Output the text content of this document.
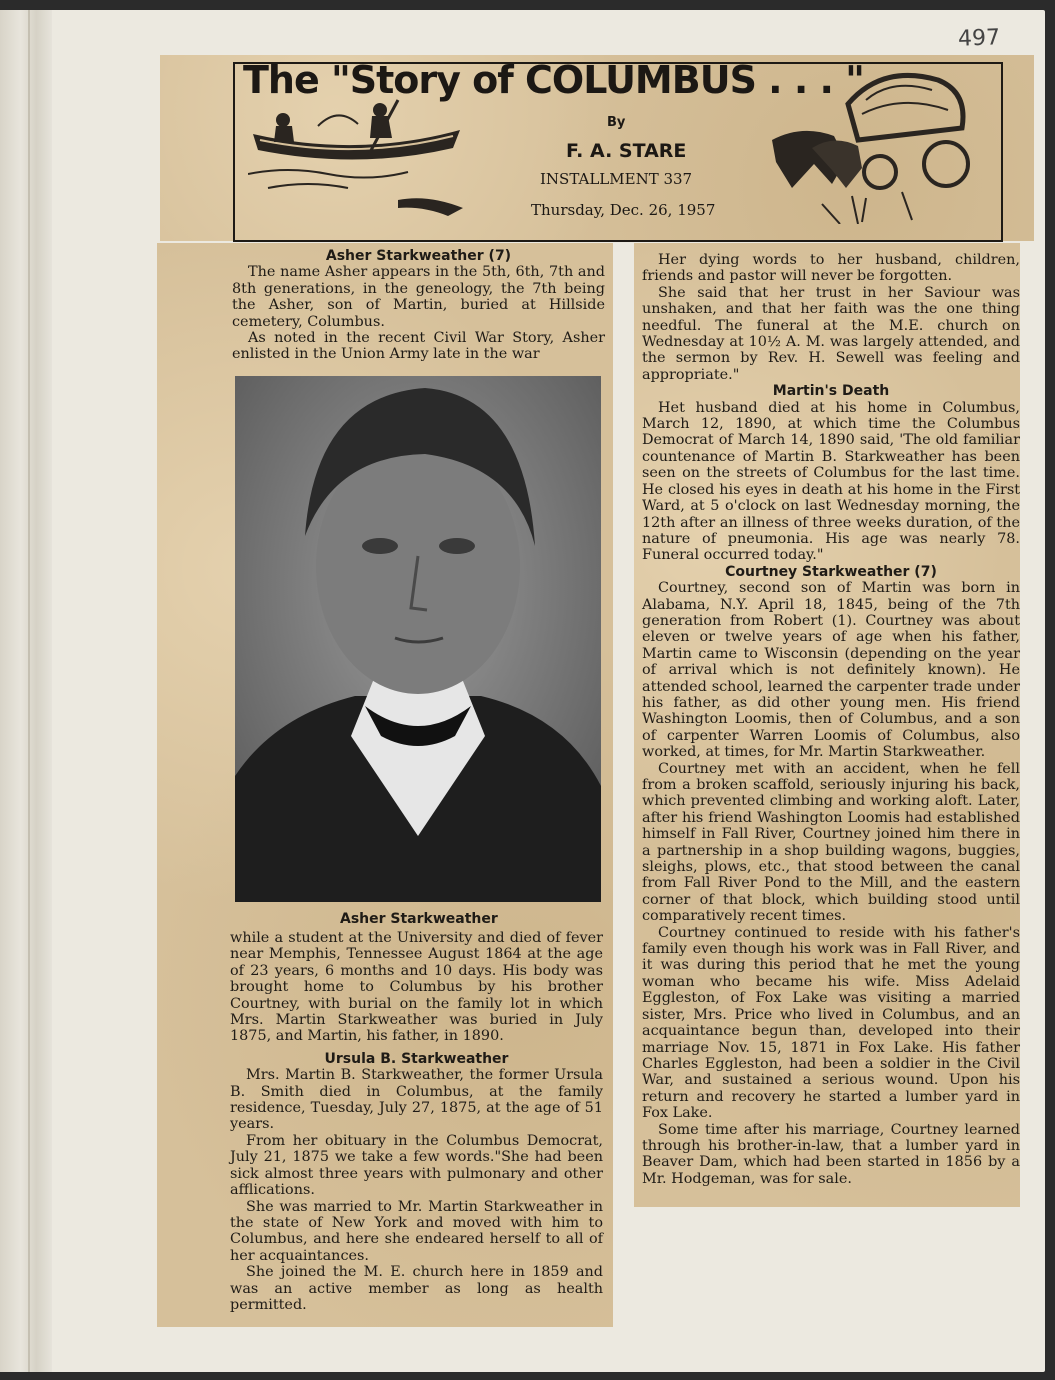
497
The "Story of COLUMBUS . . . "
By
F. A. STARE
INSTALLMENT 337
Thursday, Dec. 26, 1957
Asher Starkweather (7)

The name Asher appears in the 5th, 6th, 7th and 8th generations, in the geneology, the 7th being the Asher, son of Martin, buried at Hillside cemetery, Columbus.

As noted in the recent Civil War Story, Asher enlisted in the Union Army late in the war

Asher Starkweather

while a student at the University and died of fever near Memphis, Tennessee August 1864 at the age of 23 years, 6 months and 10 days. His body was brought home to Columbus by his brother Courtney, with burial on the family lot in which Mrs. Martin Starkweather was buried in July 1875, and Martin, his father, in 1890.

Ursula B. Starkweather

Mrs. Martin B. Starkweather, the former Ursula B. Smith died in Columbus, at the family residence, Tuesday, July 27, 1875, at the age of 51 years.

From her obituary in the Columbus Democrat, July 21, 1875 we take a few words."She had been sick almost three years with pulmonary and other afflications.

She was married to Mr. Martin Starkweather in the state of New York and moved with him to Columbus, and here she endeared herself to all of her acquaintances.

She joined the M. E. church here in 1859 and was an active member as long as health permitted.

Her dying words to her husband, children, friends and pastor will never be forgotten.

She said that her trust in her Saviour was unshaken, and that her faith was the one thing needful. The funeral at the M.E. church on Wednesday at 10½ A. M. was largely attended, and the sermon by Rev. H. Sewell was feeling and appropriate."

Martin's Death

Het husband died at his home in Columbus, March 12, 1890, at which time the Columbus Democrat of March 14, 1890 said, 'The old familiar countenance of Martin B. Starkweather has been seen on the streets of Columbus for the last time. He closed his eyes in death at his home in the First Ward, at 5 o'clock on last Wednesday morning, the 12th after an illness of three weeks duration, of the nature of pneumonia. His age was nearly 78. Funeral occurred today."

Courtney Starkweather (7)

Courtney, second son of Martin was born in Alabama, N.Y. April 18, 1845, being of the 7th generation from Robert (1). Courtney was about eleven or twelve years of age when his father, Martin came to Wisconsin (depending on the year of arrival which is not definitely known). He attended school, learned the carpenter trade under his father, as did other young men. His friend Washington Loomis, then of Columbus, and a son of carpenter Warren Loomis of Columbus, also worked, at times, for Mr. Martin Starkweather.

Courtney met with an accident, when he fell from a broken scaffold, seriously injuring his back, which prevented climbing and working aloft. Later, after his friend Washington Loomis had established himself in Fall River, Courtney joined him there in a partnership in a shop building wagons, buggies, sleighs, plows, etc., that stood between the canal from Fall River Pond to the Mill, and the eastern corner of that block, which building stood until comparatively recent times.

Courtney continued to reside with his father's family even though his work was in Fall River, and it was during this period that he met the young woman who became his wife. Miss Adelaid Eggleston, of Fox Lake was visiting a married sister, Mrs. Price who lived in Columbus, and an acquaintance begun than, developed into their marriage Nov. 15, 1871 in Fox Lake. His father Charles Eggleston, had been a soldier in the Civil War, and sustained a serious wound. Upon his return and recovery he started a lumber yard in Fox Lake.

Some time after his marriage, Courtney learned through his brother-in-law, that a lumber yard in Beaver Dam, which had been started in 1856 by a Mr. Hodgeman, was for sale.
